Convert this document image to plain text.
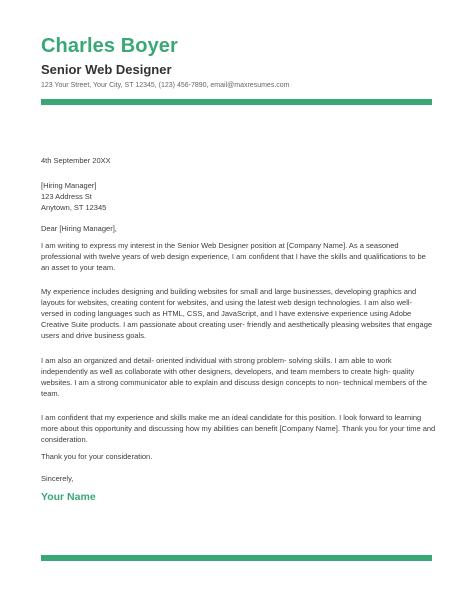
Charles Boyer
Senior Web Designer
123 Your Street, Your City, ST 12345, (123) 456-7890, email@maxresumes.com
4th September 20XX
[Hiring Manager]
123 Address St
Anytown, ST 12345
Dear [Hiring Manager],
I am writing to express my interest in the Senior Web Designer position at [Company Name]. As a seasoned professional with twelve years of web design experience, I am confident that I have the skills and qualifications to be an asset to your team.
My experience includes designing and building websites for small and large businesses, developing graphics and layouts for websites, creating content for websites, and using the latest web design technologies. I am also well- versed in coding languages such as HTML, CSS, and JavaScript, and I have extensive experience using Adobe Creative Suite products. I am passionate about creating user- friendly and aesthetically pleasing websites that engage users and drive business goals.
I am also an organized and detail- oriented individual with strong problem- solving skills. I am able to work independently as well as collaborate with other designers, developers, and team members to create high- quality websites. I am a strong communicator able to explain and discuss design concepts to non- technical members of the team.
I am confident that my experience and skills make me an ideal candidate for this position. I look forward to learning more about this opportunity and discussing how my abilities can benefit [Company Name]. Thank you for your time and consideration.
Thank you for your consideration.
Sincerely,
Your Name
